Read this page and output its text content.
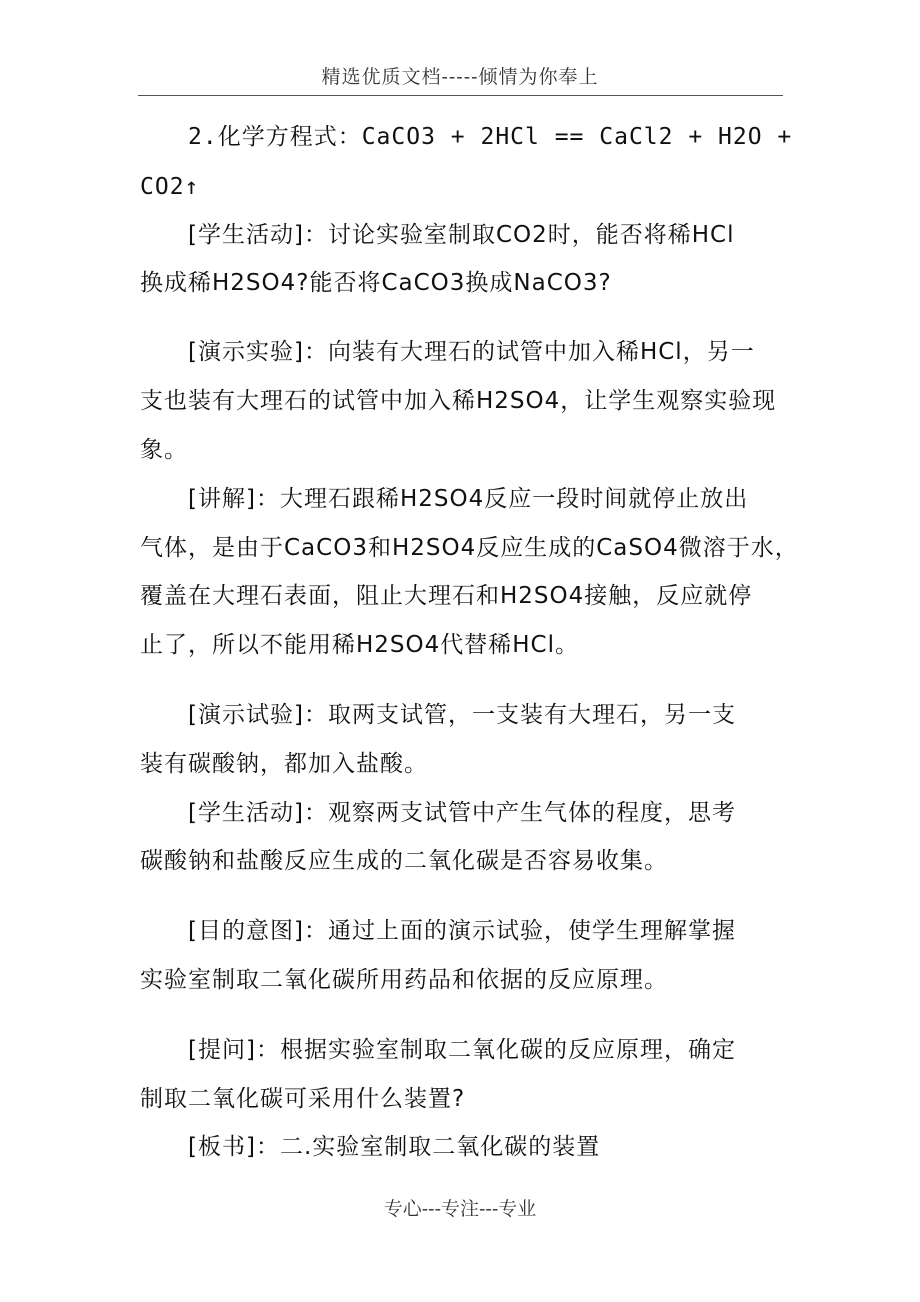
精选优质文档-----倾情为你奉上
2.化学方程式：CaCO3 + 2HCl == CaCl2 + H2O +
CO2↑
[学生活动]：讨论实验室制取CO2时，能否将稀HCl
换成稀H2SO4?能否将CaCO3换成NaCO3?
[演示实验]：向装有大理石的试管中加入稀HCl，另一
支也装有大理石的试管中加入稀H2SO4，让学生观察实验现
象。
[讲解]：大理石跟稀H2SO4反应一段时间就停止放出
气体，是由于CaCO3和H2SO4反应生成的CaSO4微溶于水，
覆盖在大理石表面，阻止大理石和H2SO4接触，反应就停
止了，所以不能用稀H2SO4代替稀HCl。
[演示试验]：取两支试管，一支装有大理石，另一支
装有碳酸钠，都加入盐酸。
[学生活动]：观察两支试管中产生气体的程度，思考
碳酸钠和盐酸反应生成的二氧化碳是否容易收集。
[目的意图]：通过上面的演示试验，使学生理解掌握
实验室制取二氧化碳所用药品和依据的反应原理。
[提问]：根据实验室制取二氧化碳的反应原理，确定
制取二氧化碳可采用什么装置?
[板书]：二.实验室制取二氧化碳的装置
专心---专注---专业
